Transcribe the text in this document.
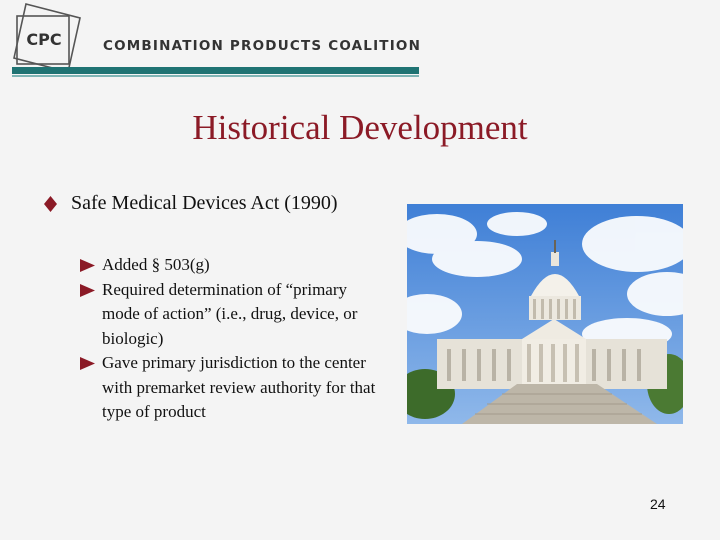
CPC	COMBINATION PRODUCTS COALITION
Historical Development
Safe Medical Devices Act (1990)
Added § 503(g)
Required determination of “primary mode of action” (i.e., drug, device, or biologic)
Gave primary jurisdiction to the center with premarket review authority for that type of product
24
